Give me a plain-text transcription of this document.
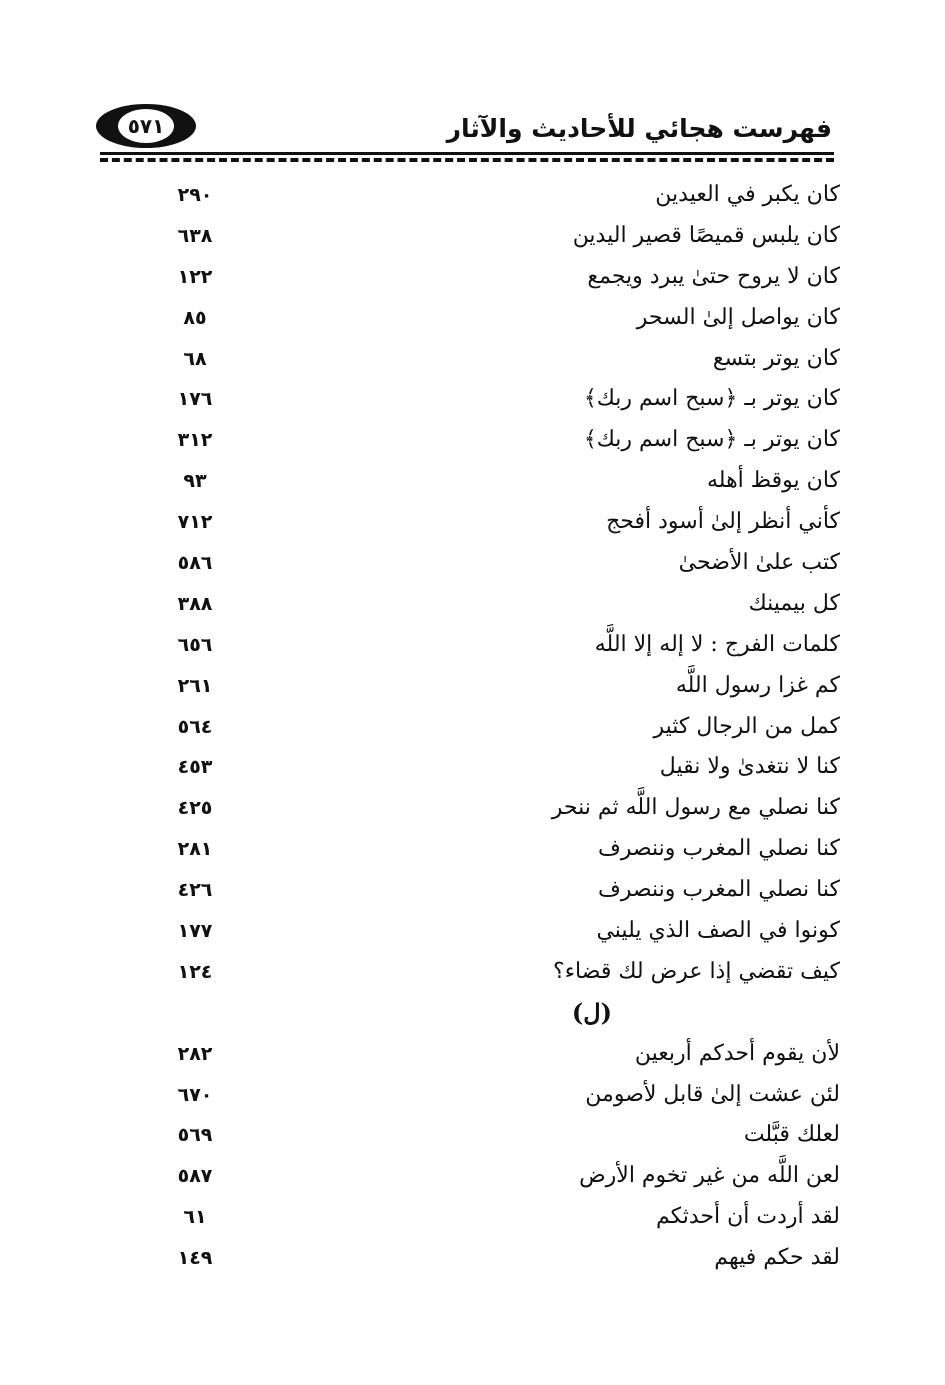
٥٧١	فهرست هجائي للأحاديث والآثار
كان يكبر في العيدين
٢٩٠
كان يلبس قميصًا قصير اليدين
٦٣٨
كان لا يروح حتىٰ يبرد ويجمع
١٢٢
كان يواصل إلىٰ السحر
٨٥
كان يوتر بتسع
٦٨
كان يوتر بـ ﴿سبح اسم ربك﴾
١٧٦
كان يوتر بـ ﴿سبح اسم ربك﴾
٣١٢
كان يوقظ أهله
٩٣
كأني أنظر إلىٰ أسود أفحج
٧١٢
كتب علىٰ الأضحىٰ
٥٨٦
كل بيمينك
٣٨٨
كلمات الفرج : لا إله إلا اللَّه
٦٥٦
كم غزا رسول اللَّه
٢٦١
كمل من الرجال كثير
٥٦٤
كنا لا نتغدىٰ ولا نقيل
٤٥٣
كنا نصلي مع رسول اللَّه ثم ننحر
٤٢٥
كنا نصلي المغرب وننصرف
٢٨١
كنا نصلي المغرب وننصرف
٤٢٦
كونوا في الصف الذي يليني
١٧٧
كيف تقضي إذا عرض لك قضاء؟
١٢٤
(ل)
لأن يقوم أحدكم أربعين
٢٨٢
لئن عشت إلىٰ قابل لأصومن
٦٧٠
لعلك قبَّلت
٥٦٩
لعن اللَّه من غير تخوم الأرض
٥٨٧
لقد أردت أن أحدثكم
٦١
لقد حكم فيهم
١٤٩
